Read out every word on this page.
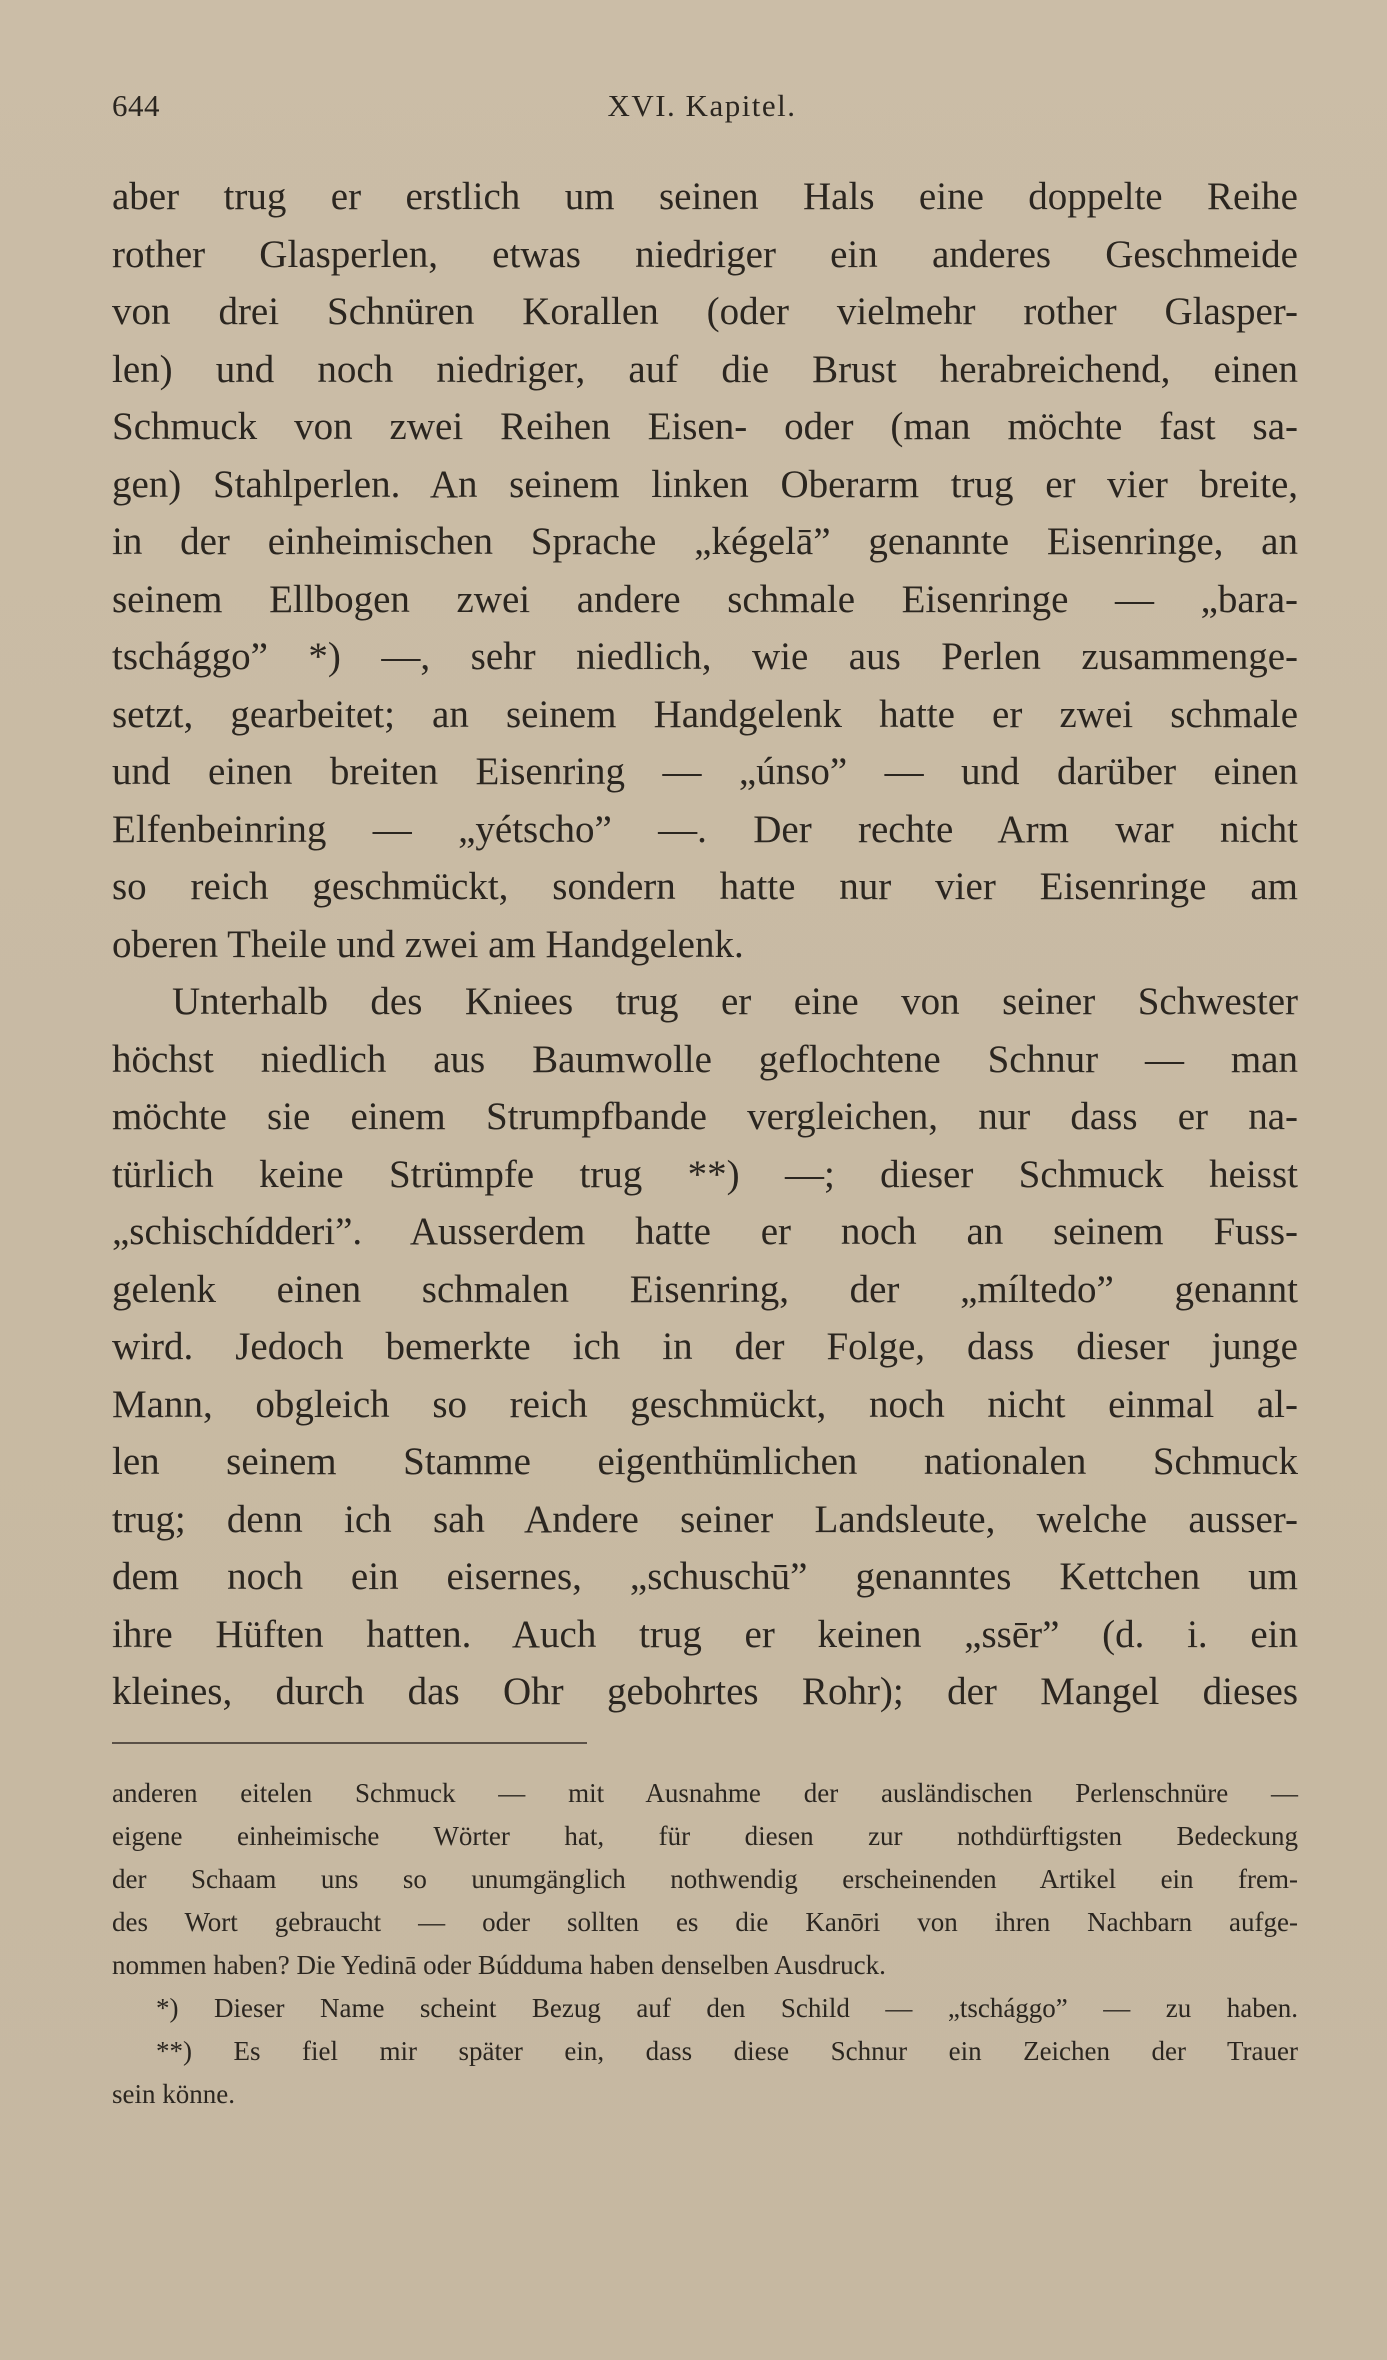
644	XVI. Kapitel.
aber trug er erstlich um seinen Hals eine doppelte Reihe
rother Glasperlen, etwas niedriger ein anderes Geschmeide
von drei Schnüren Korallen (oder vielmehr rother Glasper-
len) und noch niedriger, auf die Brust herabreichend, einen
Schmuck von zwei Reihen Eisen- oder (man möchte fast sa-
gen) Stahlperlen. An seinem linken Oberarm trug er vier breite,
in der einheimischen Sprache „kégelā” genannte Eisenringe, an
seinem Ellbogen zwei andere schmale Eisenringe — „bara-
tschággo” *) —, sehr niedlich, wie aus Perlen zusammenge-
setzt, gearbeitet; an seinem Handgelenk hatte er zwei schmale
und einen breiten Eisenring — „únso” — und darüber einen
Elfenbeinring — „yétscho” —. Der rechte Arm war nicht
so reich geschmückt, sondern hatte nur vier Eisenringe am
oberen Theile und zwei am Handgelenk.
Unterhalb des Kniees trug er eine von seiner Schwester
höchst niedlich aus Baumwolle geflochtene Schnur — man
möchte sie einem Strumpfbande vergleichen, nur dass er na-
türlich keine Strümpfe trug **) —; dieser Schmuck heisst
„schischídderi”. Ausserdem hatte er noch an seinem Fuss-
gelenk einen schmalen Eisenring, der „míltedo” genannt
wird. Jedoch bemerkte ich in der Folge, dass dieser junge
Mann, obgleich so reich geschmückt, noch nicht einmal al-
len seinem Stamme eigenthümlichen nationalen Schmuck
trug; denn ich sah Andere seiner Landsleute, welche ausser-
dem noch ein eisernes, „schuschū” genanntes Kettchen um
ihre Hüften hatten. Auch trug er keinen „ssēr” (d. i. ein
kleines, durch das Ohr gebohrtes Rohr); der Mangel dieses
anderen eitelen Schmuck — mit Ausnahme der ausländischen Perlenschnüre —
eigene einheimische Wörter hat, für diesen zur nothdürftigsten Bedeckung
der Schaam uns so unumgänglich nothwendig erscheinenden Artikel ein frem-
des Wort gebraucht — oder sollten es die Kanōri von ihren Nachbarn aufge-
nommen haben? Die Yedinā oder Búdduma haben denselben Ausdruck.
*) Dieser Name scheint Bezug auf den Schild — „tschággo” — zu haben.
**) Es fiel mir später ein, dass diese Schnur ein Zeichen der Trauer
sein könne.
